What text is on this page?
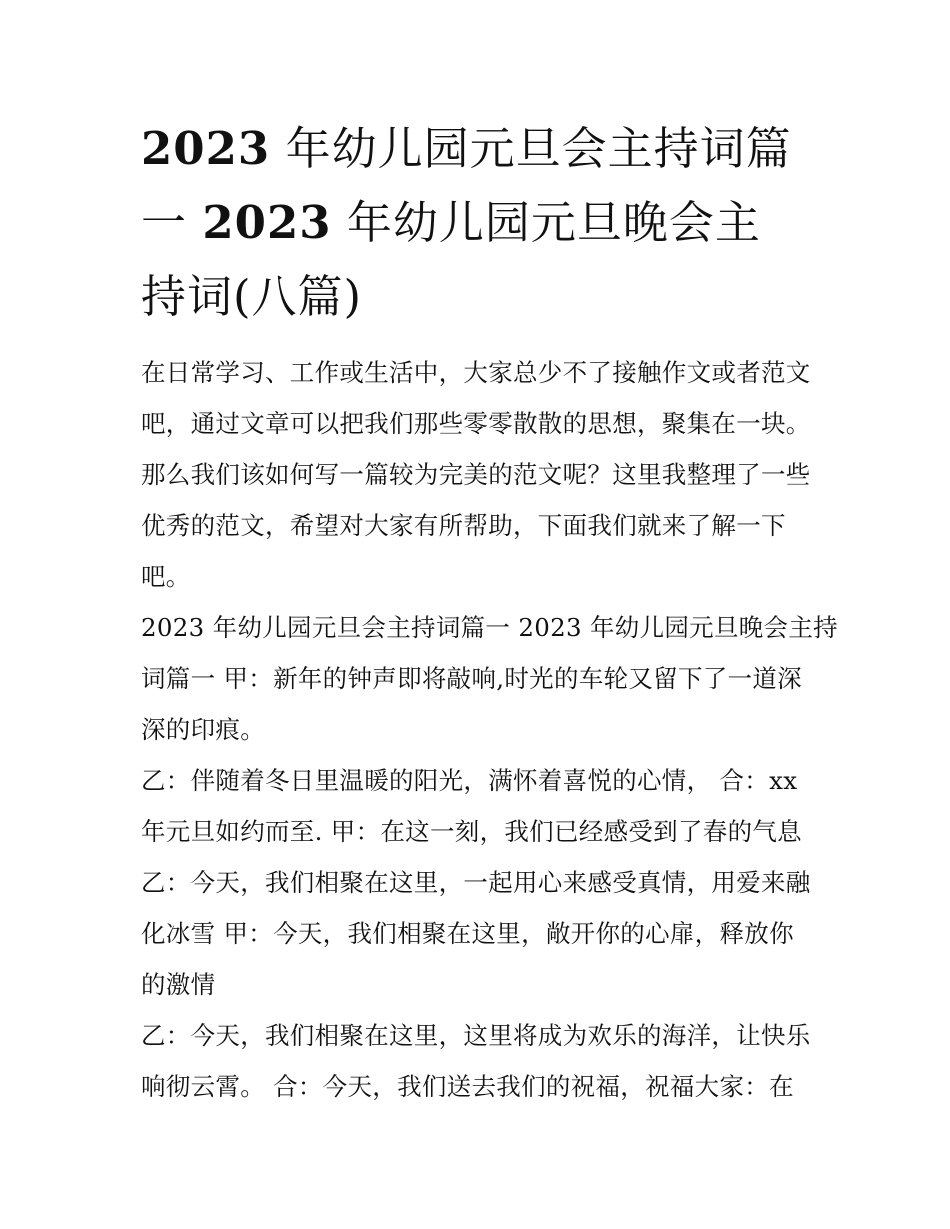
2023 年幼儿园元旦会主持词篇
一 2023 年幼儿园元旦晚会主
持词(八篇)
在日常学习、工作或生活中，大家总少不了接触作文或者范文
吧，通过文章可以把我们那些零零散散的思想，聚集在一块。
那么我们该如何写一篇较为完美的范文呢？这里我整理了一些
优秀的范文，希望对大家有所帮助，下面我们就来了解一下
吧。
2023 年幼儿园元旦会主持词篇一 2023 年幼儿园元旦晚会主持
词篇一 甲：新年的钟声即将敲响,时光的车轮又留下了一道深
深的印痕。
乙：伴随着冬日里温暖的阳光，满怀着喜悦的心情， 合：xx
年元旦如约而至. 甲：在这一刻，我们已经感受到了春的气息
乙：今天，我们相聚在这里，一起用心来感受真情，用爱来融
化冰雪 甲：今天，我们相聚在这里，敞开你的心扉，释放你
的激情
乙：今天，我们相聚在这里，这里将成为欢乐的海洋，让快乐
响彻云霄。 合：今天，我们送去我们的祝福，祝福大家：在
